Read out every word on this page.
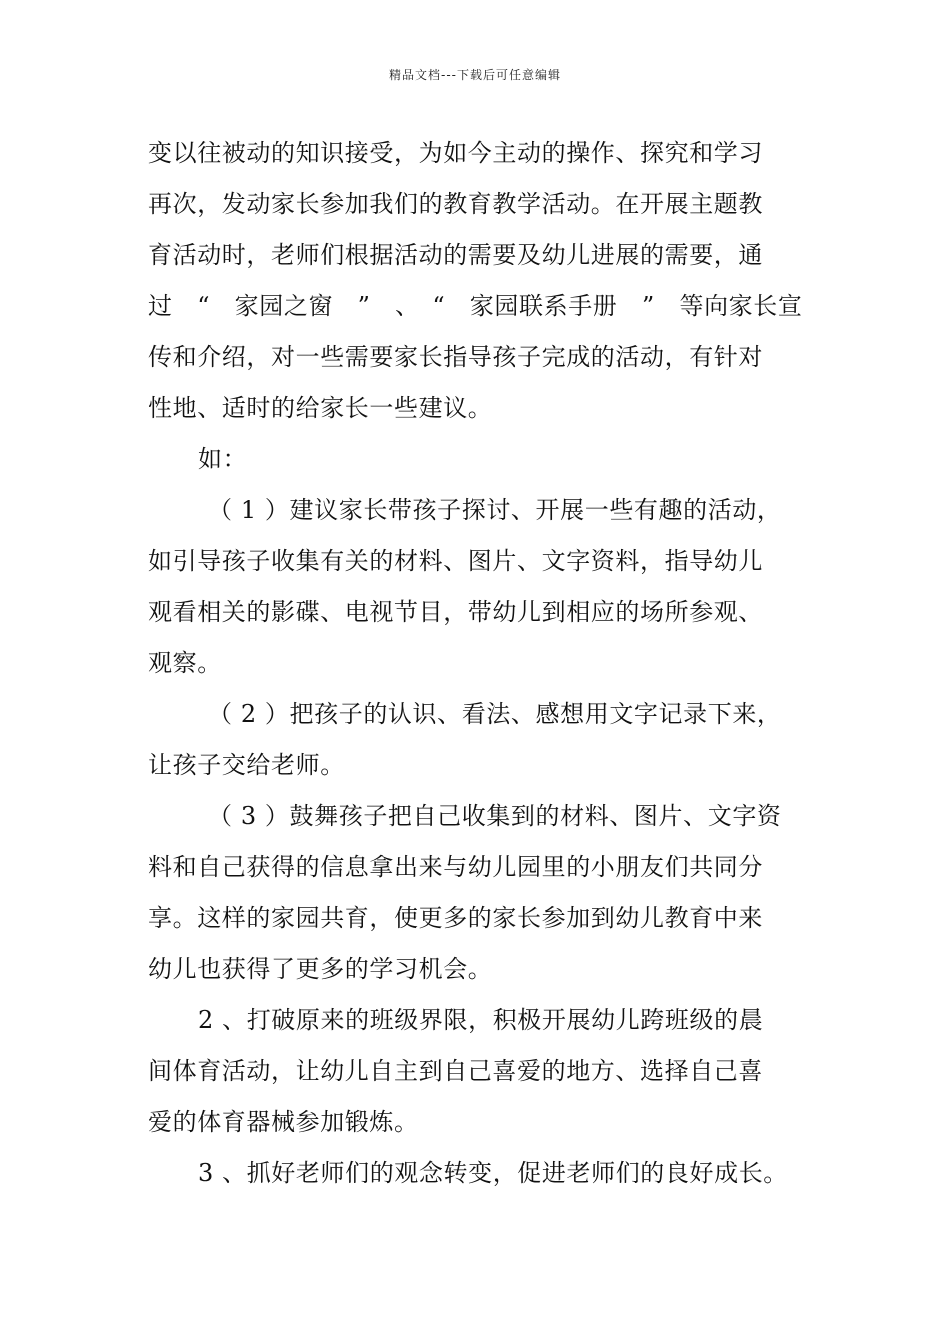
精品文档---下载后可任意编辑
变以往被动的知识接受，为如今主动的操作、探究和学习
再次，发动家长参加我们的教育教学活动。在开展主题教
育活动时，老师们根据活动的需要及幼儿进展的需要，通
过　“　家园之窗　”　、　“　家园联系手册　”　等向家长宣
传和介绍，对一些需要家长指导孩子完成的活动，有针对
性地、适时的给家长一些建议。
如：
（ 1 ）建议家长带孩子探讨、开展一些有趣的活动，
如引导孩子收集有关的材料、图片、文字资料，指导幼儿
观看相关的影碟、电视节目，带幼儿到相应的场所参观、
观察。
（ 2 ）把孩子的认识、看法、感想用文字记录下来，
让孩子交给老师。
（ 3 ）鼓舞孩子把自己收集到的材料、图片、文字资
料和自己获得的信息拿出来与幼儿园里的小朋友们共同分
享。这样的家园共育，使更多的家长参加到幼儿教育中来
幼儿也获得了更多的学习机会。
2 、打破原来的班级界限，积极开展幼儿跨班级的晨
间体育活动，让幼儿自主到自己喜爱的地方、选择自己喜
爱的体育器械参加锻炼。
3 、抓好老师们的观念转变，促进老师们的良好成长。
